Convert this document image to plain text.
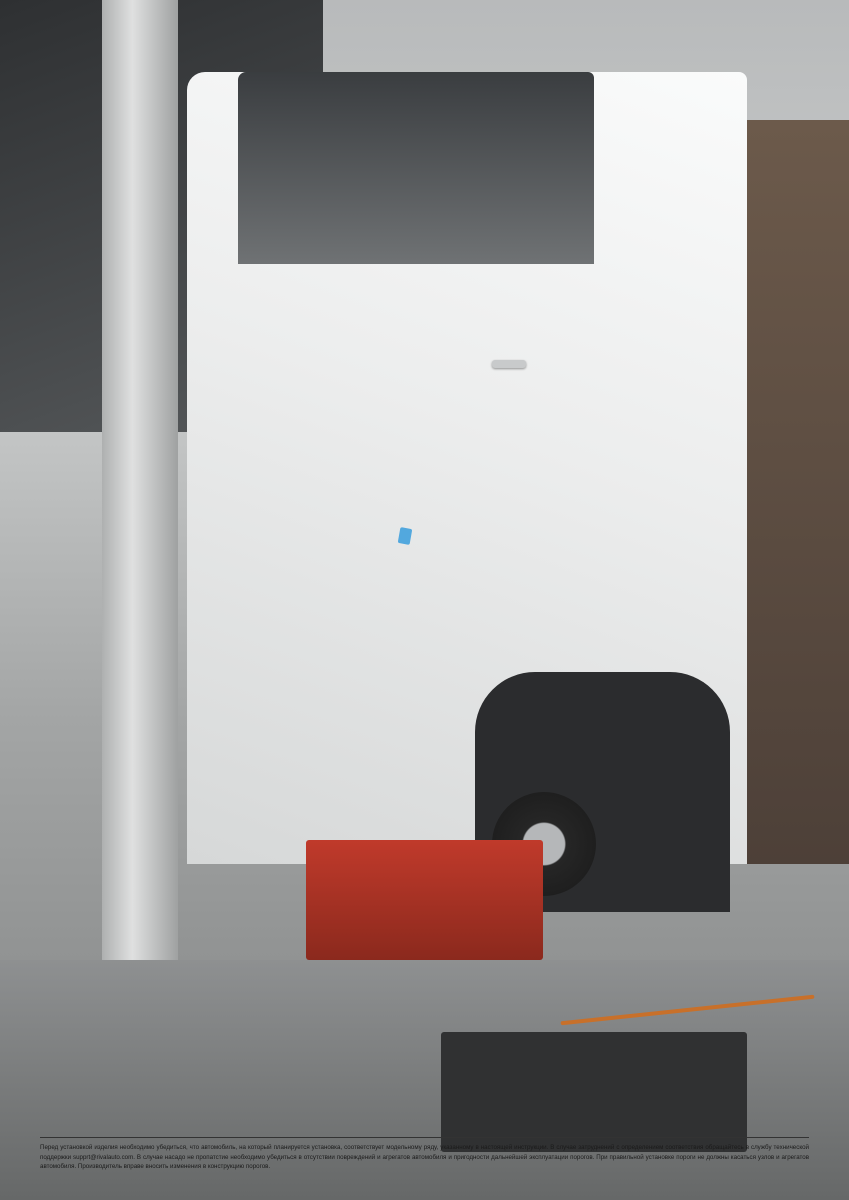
Перед установкой изделия необходимо убедиться, что автомобиль, на который планируется установка, соответствует модельному ряду, указанному в настоящей инструкции. В случае затруднений с определением соответствия обращайтесь в службу технической поддержки supprt@rivalauto.com. В случае насадо не пропатстие необходимо убедиться в отсутствии повреждений и агрегатов автомобиля и пригодности дальнейшей эксплуатации порогов. При правильной установке пороги не должны касаться узлов и агрегатов автомобиля. Производитель вправе вносить изменения в конструкцию порогов.
